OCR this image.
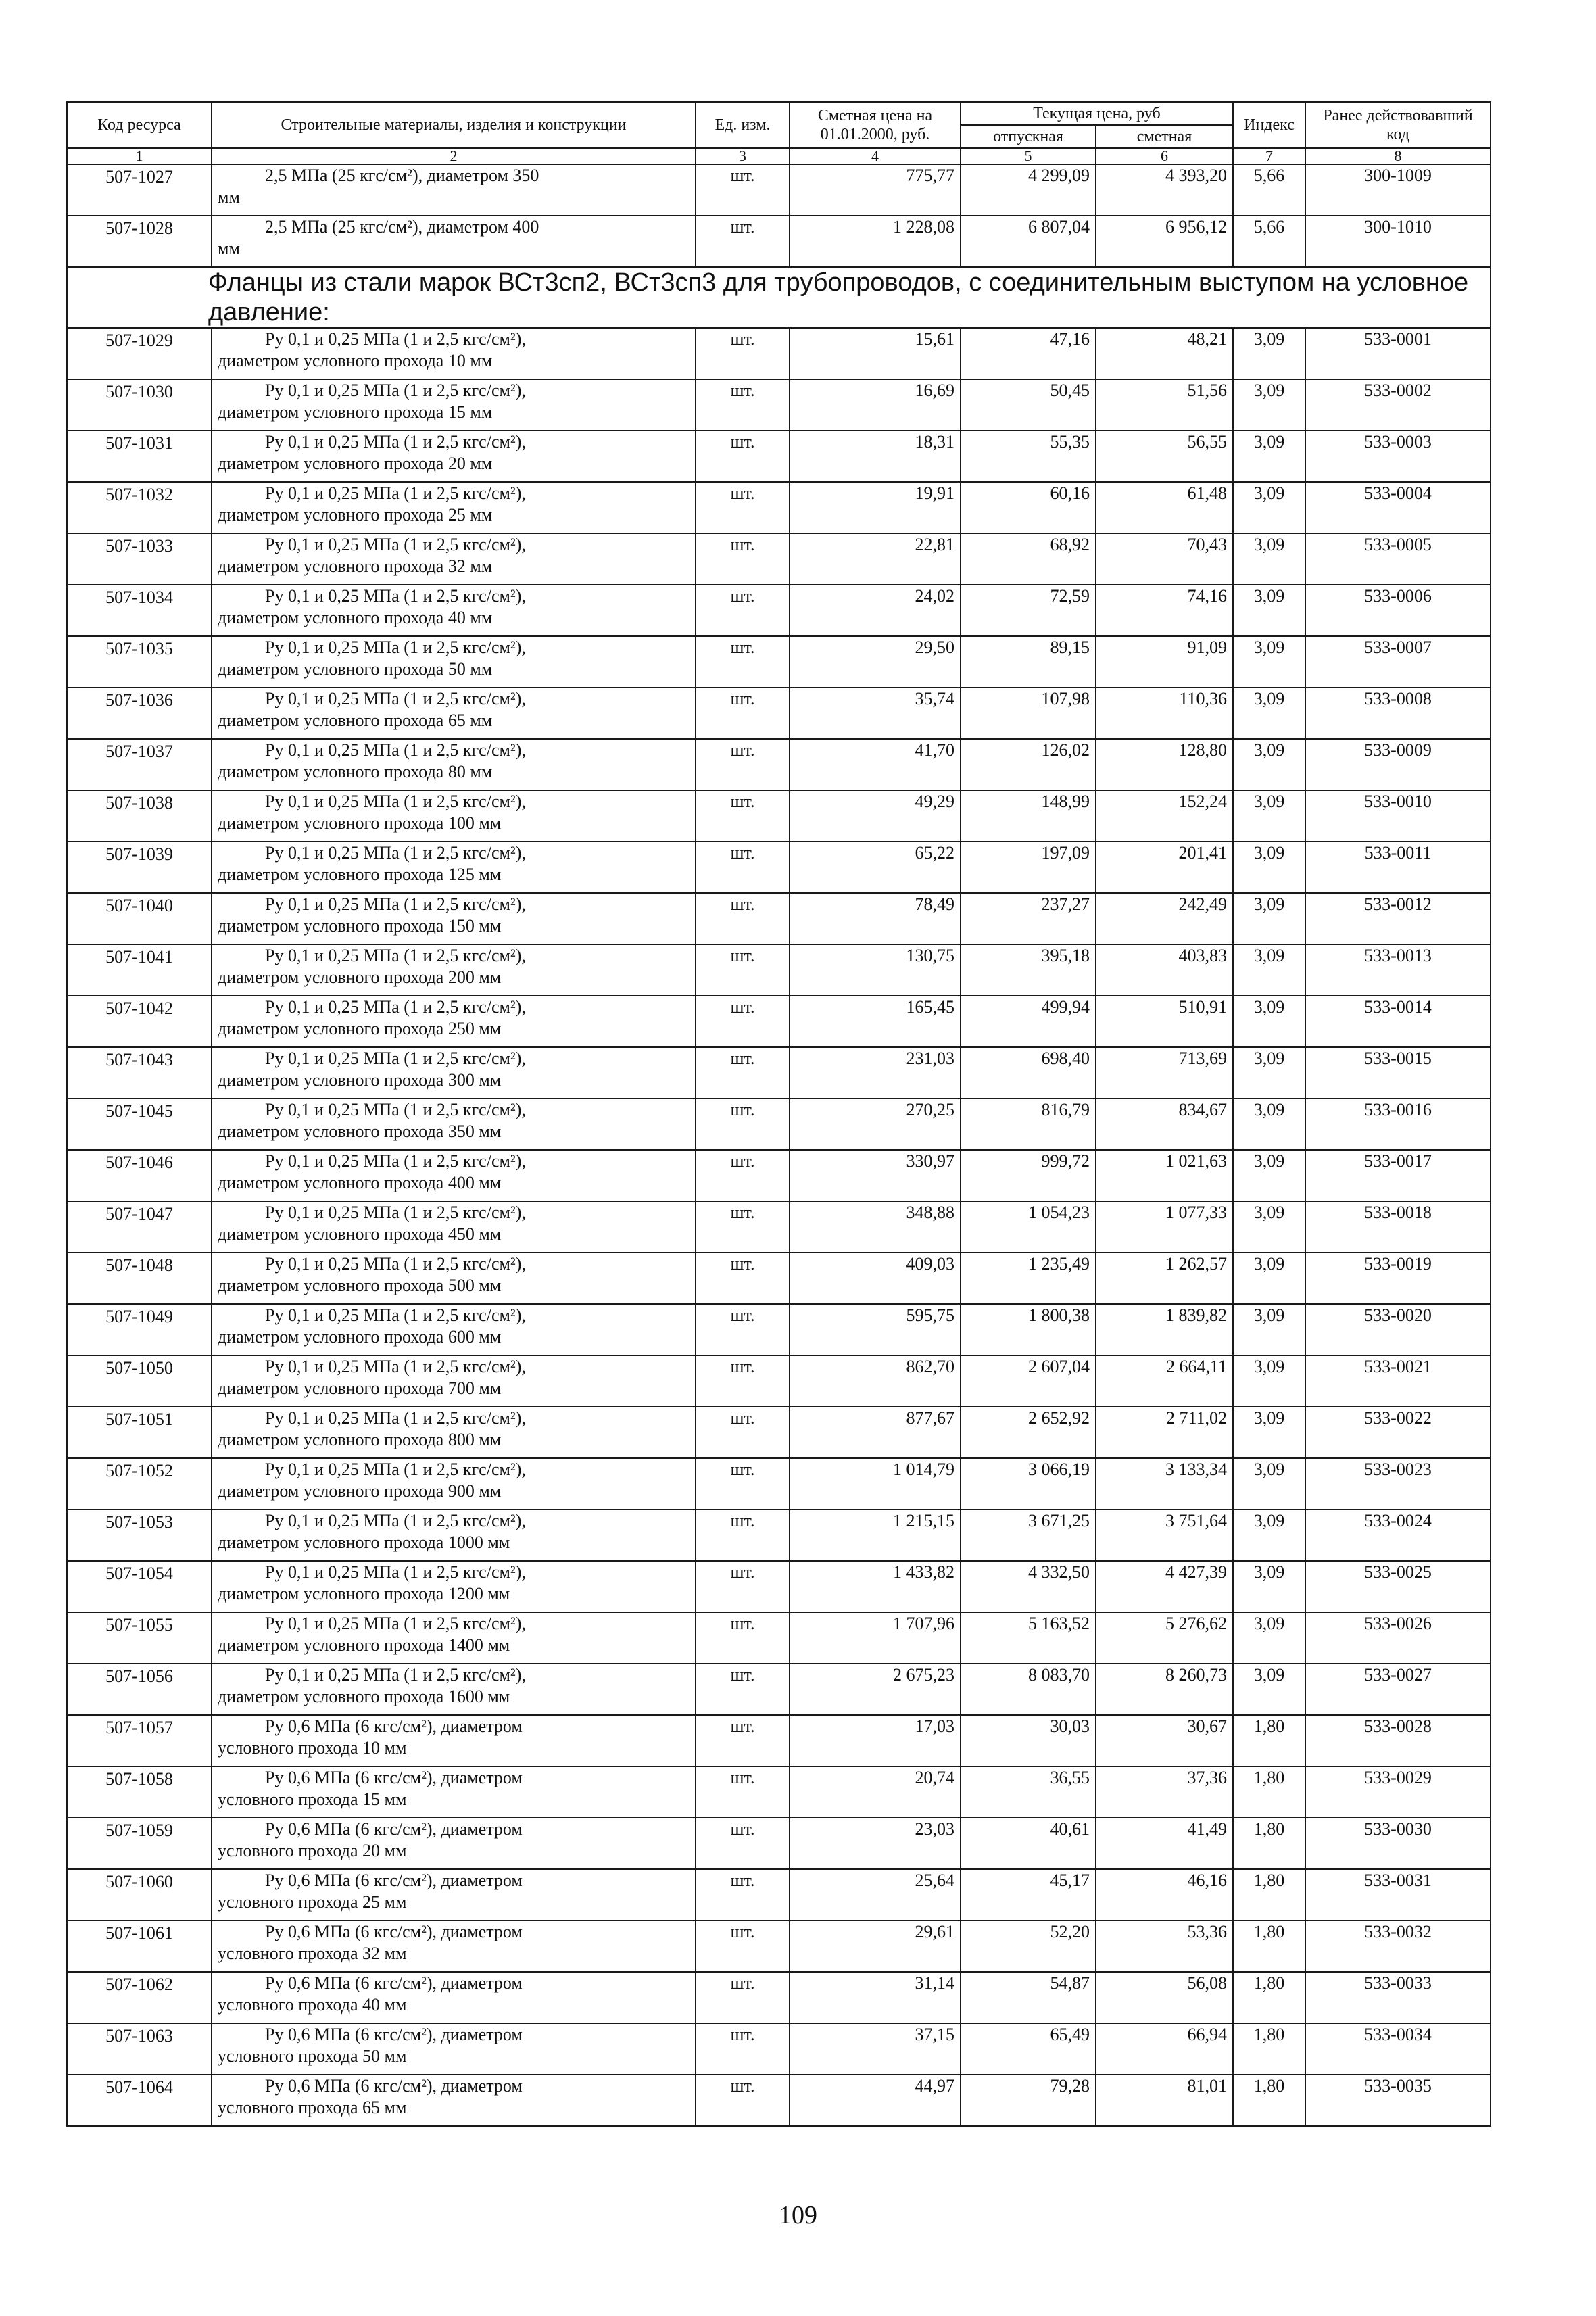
Код ресурса	Строительные материалы, изделия и конструкции	Ед. изм.	Сметная цена на 01.01.2000, руб.	Текущая цена, руб		Индекс	Ранее действовавший код
				отпускная	сметная		
1	2	3	4	5	6	7	8
507-1027	2,5 МПа (25 кгс/см²), диаметром 350
мм	шт.	775,77	4 299,09	4 393,20	5,66	300-1009
507-1028	2,5 МПа (25 кгс/см²), диаметром 400
мм	шт.	1 228,08	6 807,04	6 956,12	5,66	300-1010

Фланцы из стали марок ВСт3сп2, ВСт3сп3 для трубопроводов, с соединительным выступом на условное давление:							

507-1029	Ру 0,1 и 0,25 МПа (1 и 2,5 кгс/см²),
диаметром условного прохода 10 мм	шт.	15,61	47,16	48,21	3,09	533-0001
507-1030	Ру 0,1 и 0,25 МПа (1 и 2,5 кгс/см²),
диаметром условного прохода 15 мм	шт.	16,69	50,45	51,56	3,09	533-0002
507-1031	Ру 0,1 и 0,25 МПа (1 и 2,5 кгс/см²),
диаметром условного прохода 20 мм	шт.	18,31	55,35	56,55	3,09	533-0003
507-1032	Ру 0,1 и 0,25 МПа (1 и 2,5 кгс/см²),
диаметром условного прохода 25 мм	шт.	19,91	60,16	61,48	3,09	533-0004
507-1033	Ру 0,1 и 0,25 МПа (1 и 2,5 кгс/см²),
диаметром условного прохода 32 мм	шт.	22,81	68,92	70,43	3,09	533-0005
507-1034	Ру 0,1 и 0,25 МПа (1 и 2,5 кгс/см²),
диаметром условного прохода 40 мм	шт.	24,02	72,59	74,16	3,09	533-0006
507-1035	Ру 0,1 и 0,25 МПа (1 и 2,5 кгс/см²),
диаметром условного прохода 50 мм	шт.	29,50	89,15	91,09	3,09	533-0007
507-1036	Ру 0,1 и 0,25 МПа (1 и 2,5 кгс/см²),
диаметром условного прохода 65 мм	шт.	35,74	107,98	110,36	3,09	533-0008
507-1037	Ру 0,1 и 0,25 МПа (1 и 2,5 кгс/см²),
диаметром условного прохода 80 мм	шт.	41,70	126,02	128,80	3,09	533-0009
507-1038	Ру 0,1 и 0,25 МПа (1 и 2,5 кгс/см²),
диаметром условного прохода 100 мм	шт.	49,29	148,99	152,24	3,09	533-0010
507-1039	Ру 0,1 и 0,25 МПа (1 и 2,5 кгс/см²),
диаметром условного прохода 125 мм	шт.	65,22	197,09	201,41	3,09	533-0011
507-1040	Ру 0,1 и 0,25 МПа (1 и 2,5 кгс/см²),
диаметром условного прохода 150 мм	шт.	78,49	237,27	242,49	3,09	533-0012
507-1041	Ру 0,1 и 0,25 МПа (1 и 2,5 кгс/см²),
диаметром условного прохода 200 мм	шт.	130,75	395,18	403,83	3,09	533-0013
507-1042	Ру 0,1 и 0,25 МПа (1 и 2,5 кгс/см²),
диаметром условного прохода 250 мм	шт.	165,45	499,94	510,91	3,09	533-0014
507-1043	Ру 0,1 и 0,25 МПа (1 и 2,5 кгс/см²),
диаметром условного прохода 300 мм	шт.	231,03	698,40	713,69	3,09	533-0015
507-1045	Ру 0,1 и 0,25 МПа (1 и 2,5 кгс/см²),
диаметром условного прохода 350 мм	шт.	270,25	816,79	834,67	3,09	533-0016
507-1046	Ру 0,1 и 0,25 МПа (1 и 2,5 кгс/см²),
диаметром условного прохода 400 мм	шт.	330,97	999,72	1 021,63	3,09	533-0017
507-1047	Ру 0,1 и 0,25 МПа (1 и 2,5 кгс/см²),
диаметром условного прохода 450 мм	шт.	348,88	1 054,23	1 077,33	3,09	533-0018
507-1048	Ру 0,1 и 0,25 МПа (1 и 2,5 кгс/см²),
диаметром условного прохода 500 мм	шт.	409,03	1 235,49	1 262,57	3,09	533-0019
507-1049	Ру 0,1 и 0,25 МПа (1 и 2,5 кгс/см²),
диаметром условного прохода 600 мм	шт.	595,75	1 800,38	1 839,82	3,09	533-0020
507-1050	Ру 0,1 и 0,25 МПа (1 и 2,5 кгс/см²),
диаметром условного прохода 700 мм	шт.	862,70	2 607,04	2 664,11	3,09	533-0021
507-1051	Ру 0,1 и 0,25 МПа (1 и 2,5 кгс/см²),
диаметром условного прохода 800 мм	шт.	877,67	2 652,92	2 711,02	3,09	533-0022
507-1052	Ру 0,1 и 0,25 МПа (1 и 2,5 кгс/см²),
диаметром условного прохода 900 мм	шт.	1 014,79	3 066,19	3 133,34	3,09	533-0023
507-1053	Ру 0,1 и 0,25 МПа (1 и 2,5 кгс/см²),
диаметром условного прохода 1000 мм	шт.	1 215,15	3 671,25	3 751,64	3,09	533-0024
507-1054	Ру 0,1 и 0,25 МПа (1 и 2,5 кгс/см²),
диаметром условного прохода 1200 мм	шт.	1 433,82	4 332,50	4 427,39	3,09	533-0025
507-1055	Ру 0,1 и 0,25 МПа (1 и 2,5 кгс/см²),
диаметром условного прохода 1400 мм	шт.	1 707,96	5 163,52	5 276,62	3,09	533-0026
507-1056	Ру 0,1 и 0,25 МПа (1 и 2,5 кгс/см²),
диаметром условного прохода 1600 мм	шт.	2 675,23	8 083,70	8 260,73	3,09	533-0027
507-1057	Ру 0,6 МПа (6 кгс/см²), диаметром
условного прохода 10 мм	шт.	17,03	30,03	30,67	1,80	533-0028
507-1058	Ру 0,6 МПа (6 кгс/см²), диаметром
условного прохода 15 мм	шт.	20,74	36,55	37,36	1,80	533-0029
507-1059	Ру 0,6 МПа (6 кгс/см²), диаметром
условного прохода 20 мм	шт.	23,03	40,61	41,49	1,80	533-0030
507-1060	Ру 0,6 МПа (6 кгс/см²), диаметром
условного прохода 25 мм	шт.	25,64	45,17	46,16	1,80	533-0031
507-1061	Ру 0,6 МПа (6 кгс/см²), диаметром
условного прохода 32 мм	шт.	29,61	52,20	53,36	1,80	533-0032
507-1062	Ру 0,6 МПа (6 кгс/см²), диаметром
условного прохода 40 мм	шт.	31,14	54,87	56,08	1,80	533-0033
507-1063	Ру 0,6 МПа (6 кгс/см²), диаметром
условного прохода 50 мм	шт.	37,15	65,49	66,94	1,80	533-0034
507-1064	Ру 0,6 МПа (6 кгс/см²), диаметром
условного прохода 65 мм	шт.	44,97	79,28	81,01	1,80	533-0035
109
